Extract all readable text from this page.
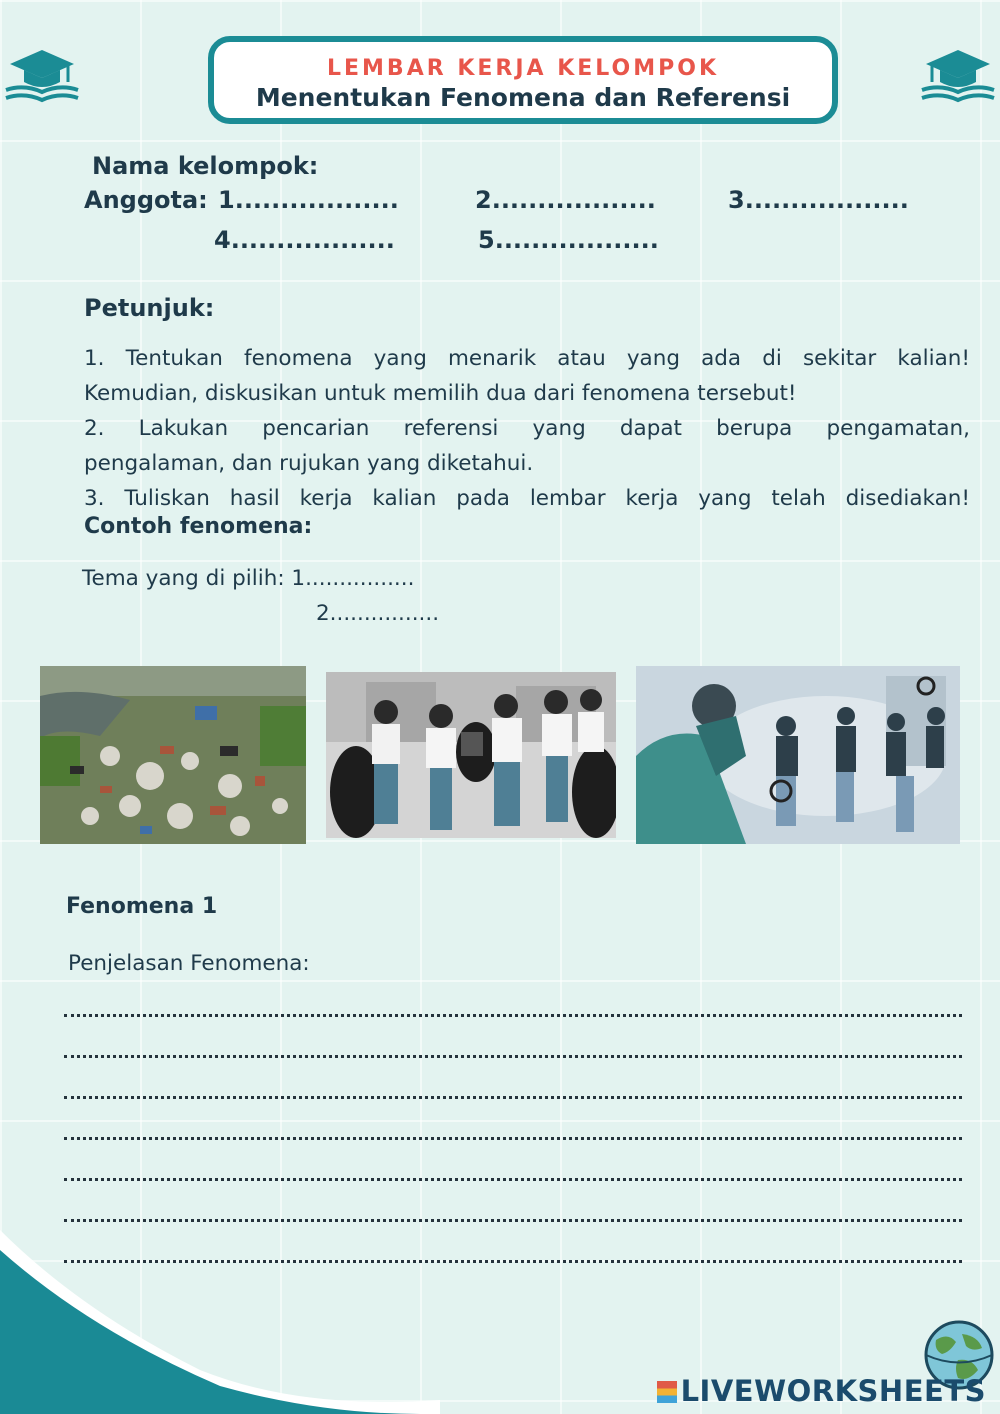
LEMBAR KERJA KELOMPOK
Menentukan Fenomena dan Referensi
Nama kelompok:
Anggota: 1..................	2..................	3..................
4..................	5..................
Petunjuk:
1. Tentukan fenomena yang menarik atau yang ada di sekitar kalian!
Kemudian, diskusikan untuk memilih dua dari fenomena tersebut!
2. Lakukan pencarian referensi yang dapat berupa pengamatan,
pengalaman, dan rujukan yang diketahui.
3. Tuliskan hasil kerja kalian pada lembar kerja yang telah disediakan!
Contoh fenomena:
Tema yang di pilih: 1................
2................
Fenomena 1
Penjelasan Fenomena:
LIVEWORKSHEETS
